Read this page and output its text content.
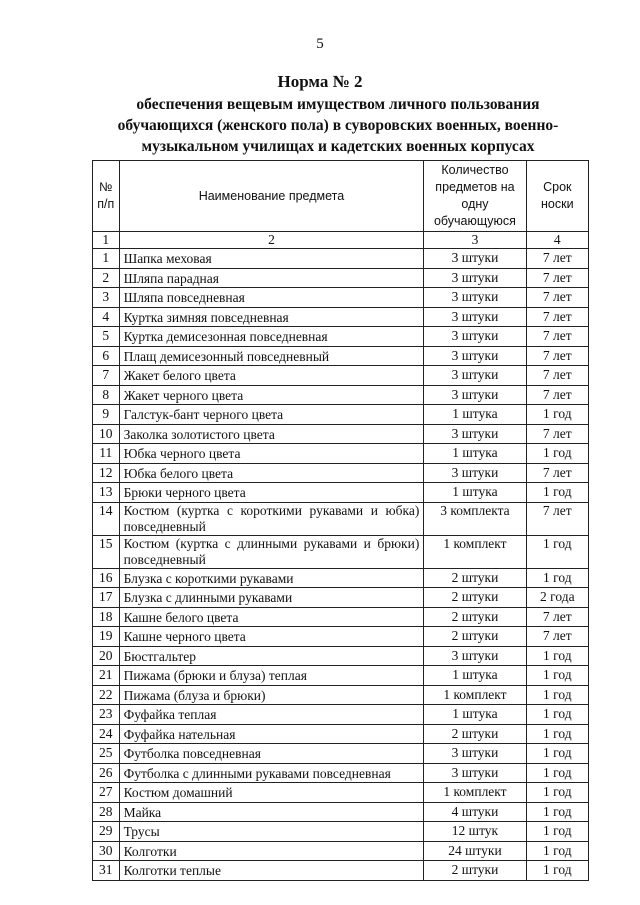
5
Норма № 2
обеспечения вещевым имуществом личного пользования обучающихся (женского пола) в суворовских военных, военно-музыкальном училищах и кадетских военных корпусах
№ п/п	Наименование предмета	Количество предметов на одну обучающуюся	Срок носки
1	2	3	4
1	Шапка меховая	3 штуки	7 лет
2	Шляпа парадная	3 штуки	7 лет
3	Шляпа повседневная	3 штуки	7 лет
4	Куртка зимняя повседневная	3 штуки	7 лет
5	Куртка демисезонная повседневная	3 штуки	7 лет
6	Плащ демисезонный повседневный	3 штуки	7 лет
7	Жакет белого цвета	3 штуки	7 лет
8	Жакет черного цвета	3 штуки	7 лет
9	Галстук-бант черного цвета	1 штука	1 год
10	Заколка золотистого цвета	3 штуки	7 лет
11	Юбка черного цвета	1 штука	1 год
12	Юбка белого цвета	3 штуки	7 лет
13	Брюки черного цвета	1 штука	1 год
14	Костюм (куртка с короткими рукавами и юбка) повседневный	3 комплекта	7 лет
15	Костюм (куртка с длинными рукавами и брюки) повседневный	1 комплект	1 год
16	Блузка с короткими рукавами	2 штуки	1 год
17	Блузка с длинными рукавами	2 штуки	2 года
18	Кашне белого цвета	2 штуки	7 лет
19	Кашне черного цвета	2 штуки	7 лет
20	Бюстгальтер	3 штуки	1 год
21	Пижама (брюки и блуза) теплая	1 штука	1 год
22	Пижама (блуза и брюки)	1 комплект	1 год
23	Фуфайка теплая	1 штука	1 год
24	Фуфайка нательная	2 штуки	1 год
25	Футболка повседневная	3 штуки	1 год
26	Футболка с длинными рукавами повседневная	3 штуки	1 год
27	Костюм домашний	1 комплект	1 год
28	Майка	4 штуки	1 год
29	Трусы	12 штук	1 год
30	Колготки	24 штуки	1 год
31	Колготки теплые	2 штуки	1 год
